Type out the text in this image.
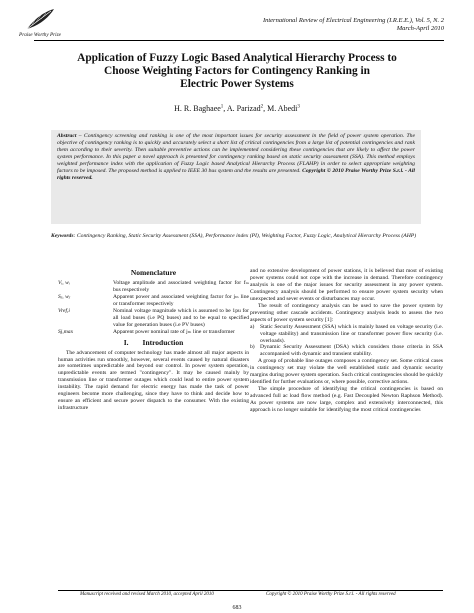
Praise Worthy Prize
International Review of Electrical Engineering (I.R.E.E.), Vol. 5, N. 2
March-April 2010
Application of Fuzzy Logic Based Analytical Hierarchy Process to
Choose Weighting Factors for Contingency Ranking in
Electric Power Systems
H. R. Baghaee$^1$, A. Parizad$^2$, M. Abedi$^3$
Abstract – Contingency screening and ranking is one of the most important issues for security assessment in the field of power system operation. The objective of contingency ranking is to quickly and accurately select a short list of critical contingencies from a large list of potential contingencies and rank them according to their severity. Then suitable preventive actions can be implemented considering these contingencies that are likely to affect the power system performance. In this paper a novel approach is presented for contingency ranking based on static security assessment (SSA). This method employs weighted performance index with the application of Fuzzy Logic based Analytical Hierarchy Process (FLAHP) in order to select appropriate weighting factors to be imposed. The proposed method is applied to IEEE 30 bus system and the results are presented. Copyright © 2010 Praise Worthy Prize S.r.l. - All rights reserved.
Keywords: Contingency Ranking, Static Security Assessment (SSA), Performance index (PI), Weighting Factor, Fuzzy Logic, Analytical Hierarchy Process (AHP)
Nomenclature
Vᵢ, wᵢ	Voltage amplitude and associated weighting factor for fₘ bus respectively
Sⱼ, wⱼ	Apparent power and associated weighting factor for jₜₕ line or transformer respectively
Vref,i	Nominal voltage magnitude which is assumed to be 1pu for all load buses (i.e PQ buses) and to be equal to specified value for generation buses (i.e PV buses)
Sj,max	Apparent power nominal rate of jₜₕ line or transformer
I. Introduction

The advancement of computer technology has made almost all major aspects in human activities run smoothly, however, several events caused by natural disasters are sometimes unpredictable and beyond our control. In power system operation, unpredictable events are termed "contingency". It may be caused mainly by transmission line or transformer outages which could lead to entire power system instability. The rapid demand for electric energy has made the task of power engineers become more challenging, since they have to think and decide how to ensure an efficient and secure power dispatch to the consumer. With the existing infrastructure

and no extensive development of power stations, it is believed that most of existing power systems could not cope with the increase in demand. Therefore contingency analysis is one of the major issues for security assessment in any power system. Contingency analysis should be performed to ensure power system security when unexpected and sever events or disturbances may occur.

The result of contingency analysis can be used to save the power system by preventing other cascade accidents. Contingency analysis leads to assess the two aspects of power system security [1]:

a)	Static Security Assessment (SSA) which is mainly based on voltage security (i.e. voltage stability) and transmission line or transformer power flow security (i.e. overloads).
b) Dynamic Security Assessment (DSA) which considers those criteria in SSA accompanied with dynamic and transient stability.

A group of probable line outages composes a contingency set. Some critical cases in contingency set may violate the well established static and dynamic security margins during power system operation. Such critical contingencies should be quickly identified for further evaluations or, where possible, corrective actions.

The simple procedure of identifying the critical contingencies is based on advanced full ac load flow method (e.g. Fast Decoupled Newton Raphson Method). As power systems are now large, complex and extensively interconnected, this approach is no longer suitable for identifying the most critical contingencies

Manuscript received and revised March 2010, accepted April 2010	Copyright © 2010 Praise Worthy Prize S.r.l. - All rights reserved
683
